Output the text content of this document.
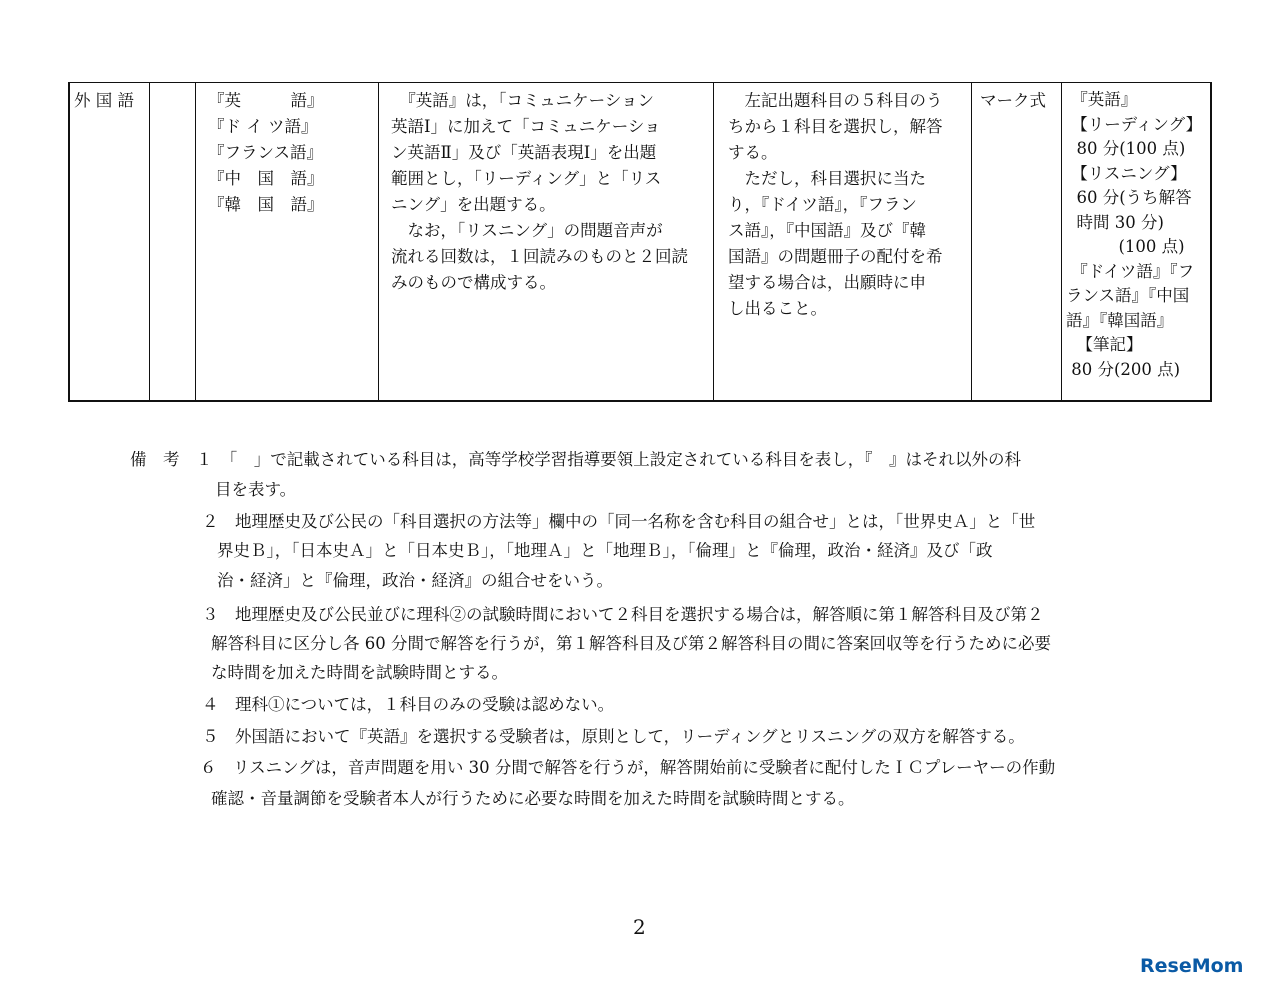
外 国 語	『英　　　語』
『ド イ ツ語』
『フランス語』
『中　国　語』
『韓　国　語』
　『英語』は，「コミュニケーション
英語Ⅰ」に加えて「コミュニケーショ
ン英語Ⅱ」及び「英語表現Ⅰ」を出題
範囲とし，「リーディング」と「リス
ニング」を出題する。
　なお，「リスニング」の問題音声が
流れる回数は，１回読みのものと２回読
みのもので構成する。
　左記出題科目の５科目のう
ちから１科目を選択し，解答
する。
　ただし，科目選択に当た
り，『ドイツ語』，『フラン
ス語』，『中国語』及び『韓
国語』の問題冊子の配付を希
望する場合は，出願時に申
し出ること。
マーク式	『英語』
【リーディング】
80 分(100 点)
【リスニング】
60 分(うち解答
時間 30 分)
(100 点)
『ドイツ語』『フ
ランス語』『中国
語』『韓国語』
【筆記】
80 分(200 点)
備　考　１　「　」で記載されている科目は，高等学校学習指導要領上設定されている科目を表し，『　』はそれ以外の科
目を表す。
２　地理歴史及び公民の「科目選択の方法等」欄中の「同一名称を含む科目の組合せ」とは，「世界史Ａ」と「世
界史Ｂ」，「日本史Ａ」と「日本史Ｂ」，「地理Ａ」と「地理Ｂ」，「倫理」と『倫理，政治・経済』及び「政
治・経済」と『倫理，政治・経済』の組合せをいう。
３　地理歴史及び公民並びに理科②の試験時間において２科目を選択する場合は，解答順に第１解答科目及び第２
解答科目に区分し各 60 分間で解答を行うが，第１解答科目及び第２解答科目の間に答案回収等を行うために必要
な時間を加えた時間を試験時間とする。
４　理科①については，１科目のみの受験は認めない。
５　外国語において『英語』を選択する受験者は，原則として，リーディングとリスニングの双方を解答する。
６　リスニングは，音声問題を用い 30 分間で解答を行うが，解答開始前に受験者に配付したＩＣプレーヤーの作動
確認・音量調節を受験者本人が行うために必要な時間を加えた時間を試験時間とする。
2
ReseMom
